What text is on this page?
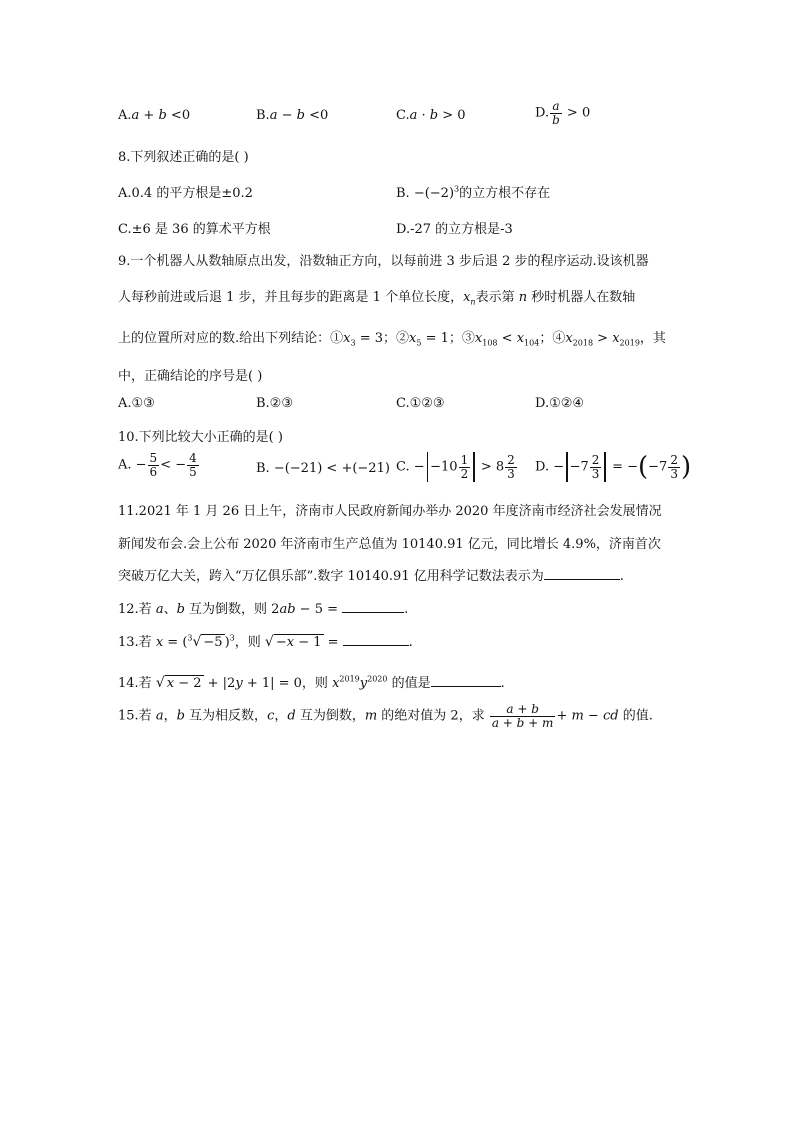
A.a + b <0	B.a − b <0	C.a · b > 0	D. $\frac{a}{b} > 0$
8.下列叙述正确的是( )
A.0.4 的平方根是±0.2	B. $-(-2)^3$的立方根不存在
C.±6 是 36 的算术平方根	D.-27 的立方根是-3
9.一个机器人从数轴原点出发，沿数轴正方向，以每前进 3 步后退 2 步的程序运动.设该机器
人每秒前进或后退 1 步，并且每步的距离是 1 个单位长度，$x_n$表示第 n 秒时机器人在数轴
上的位置所对应的数.给出下列结论：$①x_3 = 3$；$②x_5 = 1$；$③x_{108} < x_{104}$；$④x_{2018} > x_{2019}$，其
中，正确结论的序号是( )
A.①③	B.②③	C.①②③	D.①②④
10.下列比较大小正确的是( )
A. − $\frac{5}{6}$ < − $\frac{4}{5}$	B. −(−21) < +(−21) C. − $-10 \frac{1}{2} > 8 \frac{2}{3} D$. − $-7 \frac{2}{3} = -(-7 \frac{2}{3}$ )
11.2021 年 1 月 26 日上午，济南市人民政府新闻办举办 2020 年度济南市经济社会发展情况
新闻发布会.会上公布 2020 年济南市生产总值为 10140.91 亿元，同比增长 4.9%，济南首次
突破万亿大关，跨入“万亿俱乐部”.数字 10140.91 亿用科学记数法表示为	.
12.若 a、b 互为倒数，则 2ab − 5 =	.
13.若 x = ($^3$√ −5 )$^3$，则 √ −x − 1 =	.
14.若 √ x − 2 + |2y + 1| = 0，则 $x^{2019}y^{2020}$ 的值是	.
15.若 a，b 互为相反数，c，d 互为倒数，m 的绝对值为 2，求 $\frac{a + b}{a + b + m} + m$ − cd 的值.
